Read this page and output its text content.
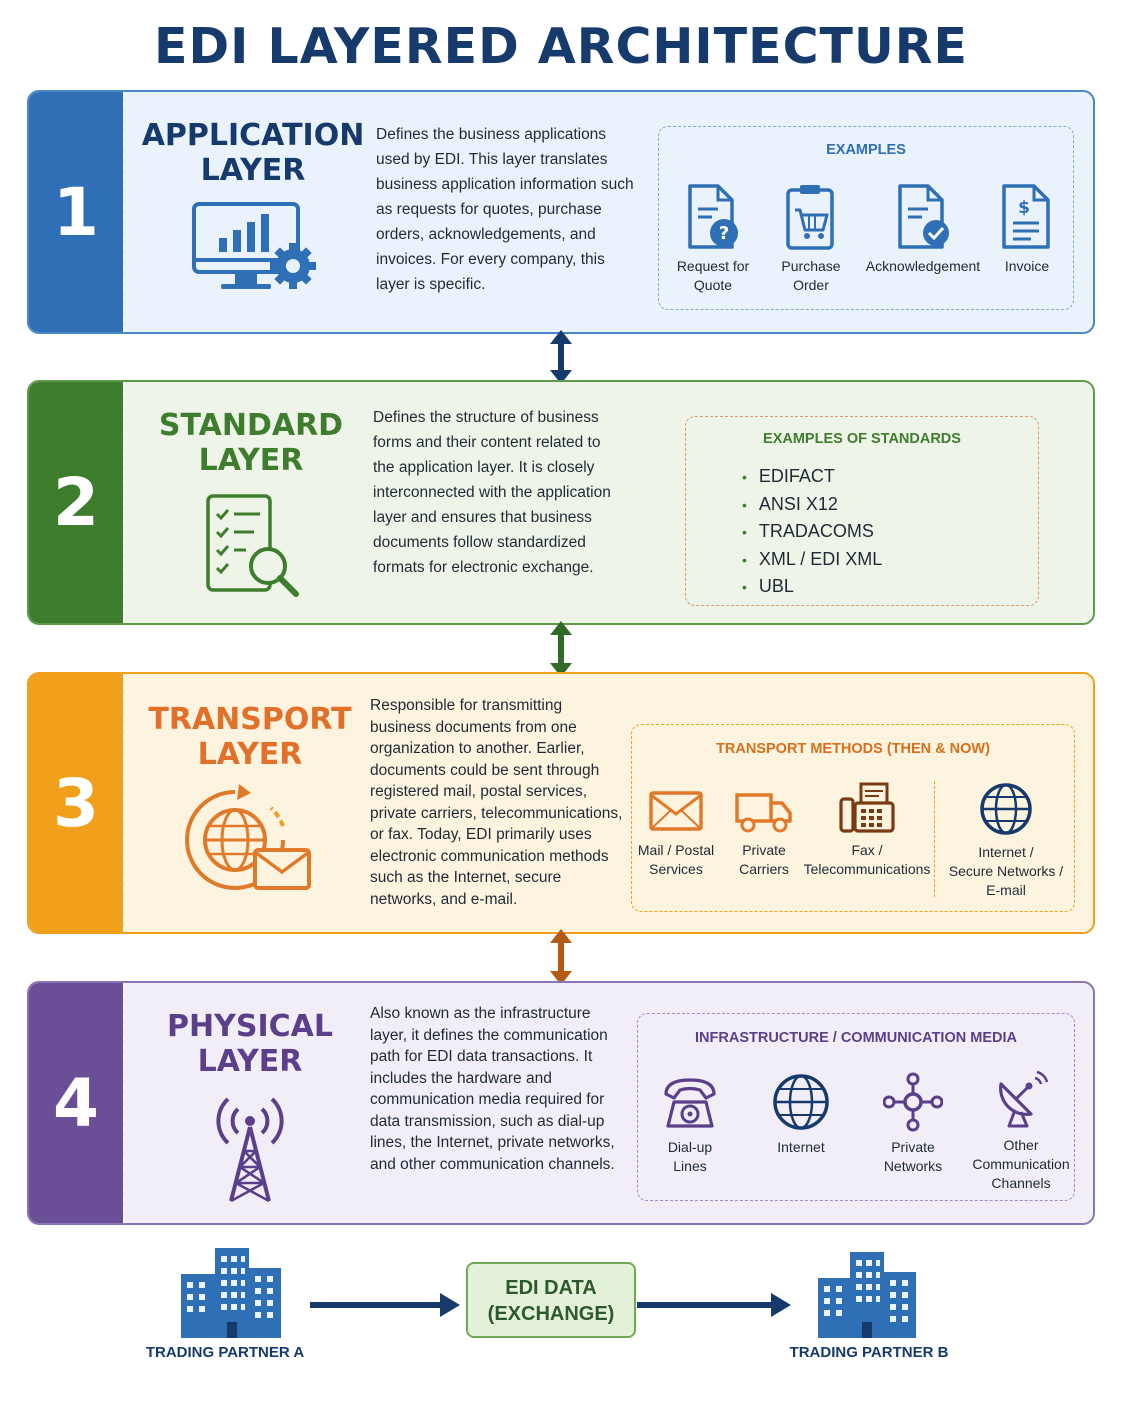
EDI LAYERED ARCHITECTURE
1
APPLICATION
LAYER
Defines the business applications used by EDI. This layer translates business application information such as requests for quotes, purchase orders, acknowledgements, and invoices. For every company, this layer is specific.
EXAMPLES
?
Request for
Quote
Purchase
Order
Acknowledgement
$
Invoice
2
STANDARD
LAYER
Defines the structure of business forms and their content related to the application layer. It is closely interconnected with the application layer and ensures that business documents follow standardized formats for electronic exchange.
EXAMPLES OF STANDARDS
• EDIFACT
• ANSI X12
• TRADACOMS
• XML / EDI XML
• UBL
3
TRANSPORT
LAYER
Responsible for transmitting business documents from one organization to another. Earlier, documents could be sent through registered mail, postal services, private carriers, telecommunications, or fax. Today, EDI primarily uses electronic communication methods such as the Internet, secure networks, and e-mail.
TRANSPORT METHODS (THEN & NOW)
Mail / Postal
Services
Private
Carriers
Fax /
Telecommunications
Internet /
Secure Networks /
E-mail
4
PHYSICAL
LAYER
Also known as the infrastructure layer, it defines the communication path for EDI data transactions. It includes the hardware and communication media required for data transmission, such as dial-up lines, the Internet, private networks, and other communication channels.
INFRASTRUCTURE / COMMUNICATION MEDIA
Dial-up
Lines
Internet	Private
Networks
Other
Communication
Channels
TRADING PARTNER A
EDI DATA
(EXCHANGE)
TRADING PARTNER B
